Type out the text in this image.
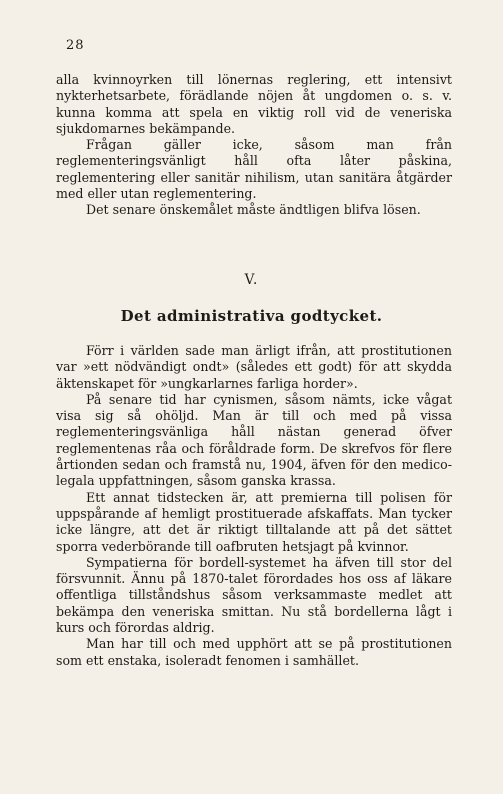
28

alla kvinnoyrken till lönernas reglering, ett intensivt nykterhetsarbete, förädlande nöjen åt ungdomen o. s. v. kunna komma att spela en viktig roll vid de veneriska sjukdomarnes bekämpande.

Frågan gäller icke, såsom man från reglementeringsvänligt håll ofta låter påskina, reglementering eller sanitär nihilism, utan sanitära åtgärder med eller utan reglementering.

Det senare önskemålet måste ändtligen blifva lösen.

V.
Det administrativa godtycket.

Förr i världen sade man ärligt ifrån, att prostitutionen var »ett nödvändigt ondt» (således ett godt) för att skydda äktenskapet för »ungkarlarnes farliga horder».

På senare tid har cynismen, såsom nämts, icke vågat visa sig så ohöljd. Man är till och med på vissa reglementeringsvänliga håll nästan generad öfver reglementenas råa och föråldrade form. De skrefvos för flere årtionden sedan och framstå nu, 1904, äfven för den medico-legala uppfattningen, såsom ganska krassa.

Ett annat tidstecken är, att premierna till polisen för uppspårande af hemligt prostituerade afskaffats. Man tycker icke längre, att det är riktigt tilltalande att på det sättet sporra vederbörande till oafbruten hetsjagt på kvinnor.

Sympatierna för bordell-systemet ha äfven till stor del försvunnit. Ännu på 1870-talet förordades hos oss af läkare offentliga tillståndshus såsom verksammaste medlet att bekämpa den veneriska smittan. Nu stå bordellerna lågt i kurs och förordas aldrig.

Man har till och med upphört att se på prostitutionen som ett enstaka, isoleradt fenomen i samhället.
